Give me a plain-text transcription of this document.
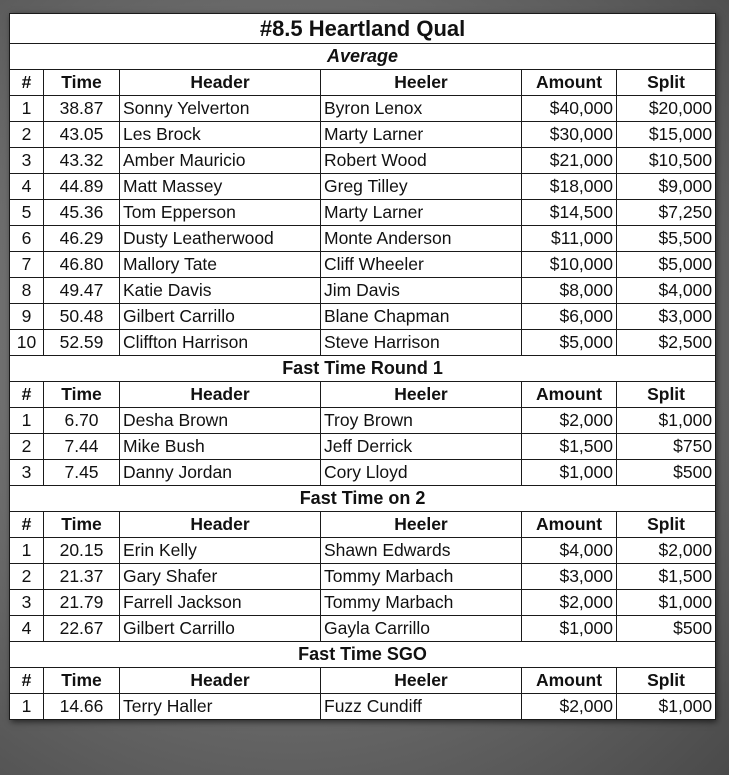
#8.5 Heartland Qual					
Average					
#	Time	Header	Heeler	Amount	Split
1	38.87	Sonny Yelverton	Byron Lenox	$40,000	$20,000
2	43.05	Les Brock	Marty Larner	$30,000	$15,000
3	43.32	Amber Mauricio	Robert Wood	$21,000	$10,500
4	44.89	Matt Massey	Greg Tilley	$18,000	$9,000
5	45.36	Tom Epperson	Marty Larner	$14,500	$7,250
6	46.29	Dusty Leatherwood	Monte Anderson	$11,000	$5,500
7	46.80	Mallory Tate	Cliff Wheeler	$10,000	$5,000
8	49.47	Katie Davis	Jim Davis	$8,000	$4,000
9	50.48	Gilbert Carrillo	Blane Chapman	$6,000	$3,000
10	52.59	Cliffton Harrison	Steve Harrison	$5,000	$2,500
Fast Time Round 1					
#	Time	Header	Heeler	Amount	Split
1	6.70	Desha Brown	Troy Brown	$2,000	$1,000
2	7.44	Mike Bush	Jeff Derrick	$1,500	$750
3	7.45	Danny Jordan	Cory Lloyd	$1,000	$500
Fast Time on 2					
#	Time	Header	Heeler	Amount	Split
1	20.15	Erin Kelly	Shawn Edwards	$4,000	$2,000
2	21.37	Gary Shafer	Tommy Marbach	$3,000	$1,500
3	21.79	Farrell Jackson	Tommy Marbach	$2,000	$1,000
4	22.67	Gilbert Carrillo	Gayla Carrillo	$1,000	$500
Fast Time SGO					
#	Time	Header	Heeler	Amount	Split
1	14.66	Terry Haller	Fuzz Cundiff	$2,000	$1,000
